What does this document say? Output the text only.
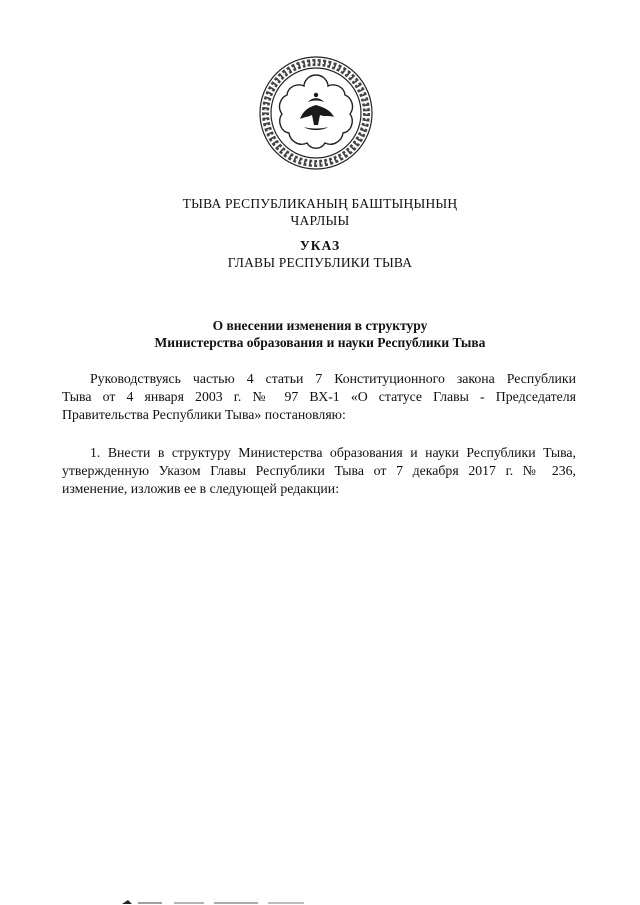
ТЫВА РЕСПУБЛИКАНЫҢ БАШТЫҢЫНЫҢ
ЧАРЛЫЫ
УКАЗ
ГЛАВЫ РЕСПУБЛИКИ ТЫВА
О внесении изменения в структуру
Министерства образования и науки Республики Тыва
Руководствуясь частью 4 статьи 7 Конституционного закона Республики
Тыва от 4 января 2003 г. № 97 ВХ-1 «О статусе Главы - Председателя
Правительства Республики Тыва» постановляю:
1. Внести в структуру Министерства образования и науки Республики Тыва,
утвержденную Указом Главы Республики Тыва от 7 декабря 2017 г. № 236,
изменение, изложив ее в следующей редакции:
